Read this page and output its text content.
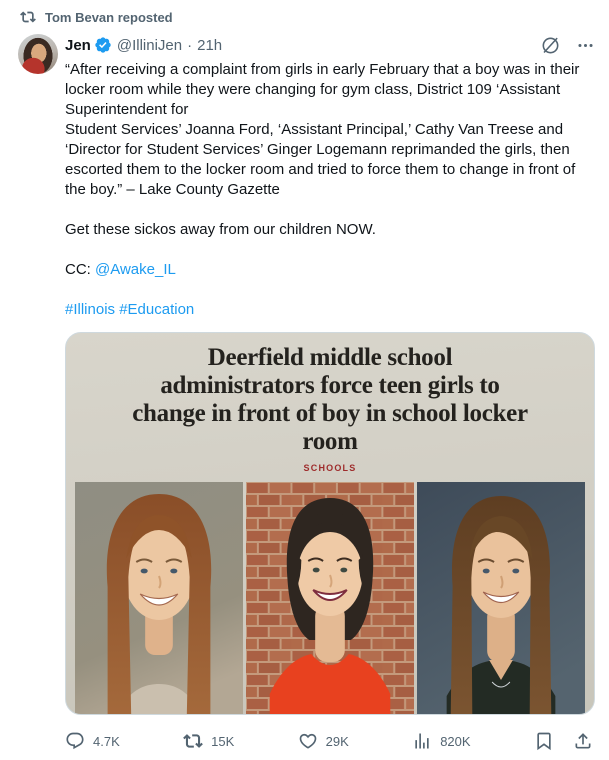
Tom Bevan reposted
Jen @IlliniJen · 21h
“After receiving a complaint from girls in early February that a boy was in their locker room while they were changing for gym class, District 109 ‘Assistant Superintendent for
Student Services’ Joanna Ford, ‘Assistant Principal,’ Cathy Van Treese and ‘Director for Student Services’ Ginger Logemann reprimanded the girls, then escorted them to the locker room and tried to force them to change in front of the boy.” – Lake County Gazette
Get these sickos away from our children NOW.
CC: @Awake_IL
#Illinois #Education
Deerfield middle school
administrators force teen girls to
change in front of boy in school locker
room
SCHOOLS
4.7K	15K	29K	820K
